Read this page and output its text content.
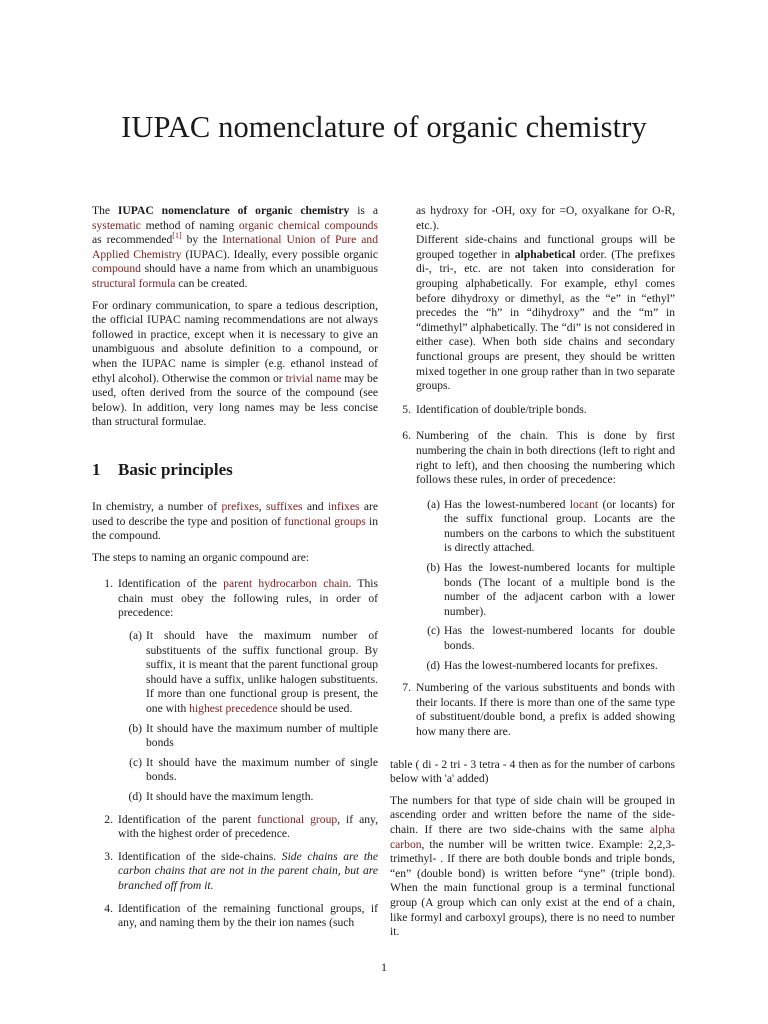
IUPAC nomenclature of organic chemistry

The IUPAC nomenclature of organic chemistry is a systematic method of naming organic chemical compounds as recommended[1] by the International Union of Pure and Applied Chemistry (IUPAC). Ideally, every possible organic compound should have a name from which an unambiguous structural formula can be created.

For ordinary communication, to spare a tedious description, the official IUPAC naming recommendations are not always followed in practice, except when it is necessary to give an unambiguous and absolute definition to a compound, or when the IUPAC name is simpler (e.g. ethanol instead of ethyl alcohol). Otherwise the common or trivial name may be used, often derived from the source of the compound (see below). In addition, very long names may be less concise than structural formulae.

1 Basic principles

In chemistry, a number of prefixes, suffixes and infixes are used to describe the type and position of functional groups in the compound.

The steps to naming an organic compound are:

1. Identification of the parent hydrocarbon chain. This chain must obey the following rules, in order of precedence:
(a) It should have the maximum number of substituents of the suffix functional group. By suffix, it is meant that the parent functional group should have a suffix, unlike halogen substituents. If more than one functional group is present, the one with highest precedence should be used.
(b) It should have the maximum number of multiple bonds
(c) It should have the maximum number of single bonds.
(d) It should have the maximum length.
2. Identification of the parent functional group, if any, with the highest order of precedence.
3. Identification of the side-chains. Side chains are the carbon chains that are not in the parent chain, but are branched off from it.
4. Identification of the remaining functional groups, if any, and naming them by the their ion names (such

as hydroxy for -OH, oxy for =O, oxyalkane for O-R, etc.).

Different side-chains and functional groups will be grouped together in alphabetical order. (The prefixes di-, tri-, etc. are not taken into consideration for grouping alphabetically. For example, ethyl comes before dihydroxy or dimethyl, as the “e” in “ethyl” precedes the “h” in “dihydroxy” and the “m” in “dimethyl” alphabetically. The “di” is not considered in either case). When both side chains and secondary functional groups are present, they should be written mixed together in one group rather than in two separate groups.

5. Identification of double/triple bonds.
6. Numbering of the chain. This is done by first numbering the chain in both directions (left to right and right to left), and then choosing the numbering which follows these rules, in order of precedence:
(a) Has the lowest-numbered locant (or locants) for the suffix functional group. Locants are the numbers on the carbons to which the substituent is directly attached.
(b) Has the lowest-numbered locants for multiple bonds (The locant of a multiple bond is the number of the adjacent carbon with a lower number).
(c) Has the lowest-numbered locants for double bonds.
(d) Has the lowest-numbered locants for prefixes.
7. Numbering of the various substituents and bonds with their locants. If there is more than one of the same type of substituent/double bond, a prefix is added showing how many there are.

table ( di - 2 tri - 3 tetra - 4 then as for the number of carbons below with 'a' added)

The numbers for that type of side chain will be grouped in ascending order and written before the name of the side-chain. If there are two side-chains with the same alpha carbon, the number will be written twice. Example: 2,2,3-trimethyl- . If there are both double bonds and triple bonds, “en” (double bond) is written before “yne” (triple bond). When the main functional group is a terminal functional group (A group which can only exist at the end of a chain, like formyl and carboxyl groups), there is no need to number it.

1
